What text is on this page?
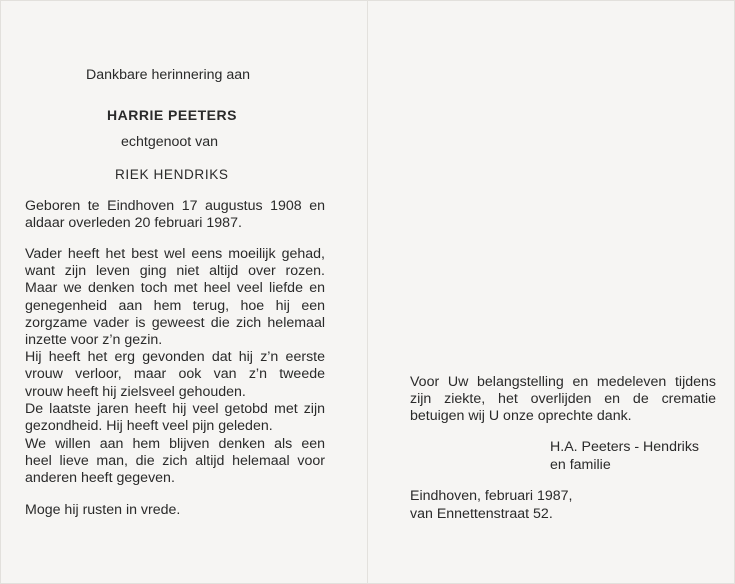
Dankbare herinnering aan
HARRIE PEETERS
echtgenoot van
RIEK HENDRIKS
Geboren te Eindhoven 17 augustus 1908 en
aldaar overleden 20 februari 1987.
Vader heeft het best wel eens moeilijk gehad,
want zijn leven ging niet altijd over rozen.
Maar we denken toch met heel veel liefde en
genegenheid aan hem terug, hoe hij een
zorgzame vader is geweest die zich helemaal
inzette voor z’n gezin.
Hij heeft het erg gevonden dat hij z’n eerste
vrouw verloor, maar ook van z’n tweede
vrouw heeft hij zielsveel gehouden.
De laatste jaren heeft hij veel getobd met zijn
gezondheid. Hij heeft veel pijn geleden.
We willen aan hem blijven denken als een
heel lieve man, die zich altijd helemaal voor
anderen heeft gegeven.
Moge hij rusten in vrede.
Voor Uw belangstelling en medeleven tijdens
zijn ziekte, het overlijden en de crematie
betuigen wij U onze oprechte dank.
H.A. Peeters - Hendriks
en familie
Eindhoven, februari 1987,
van Ennettenstraat 52.
